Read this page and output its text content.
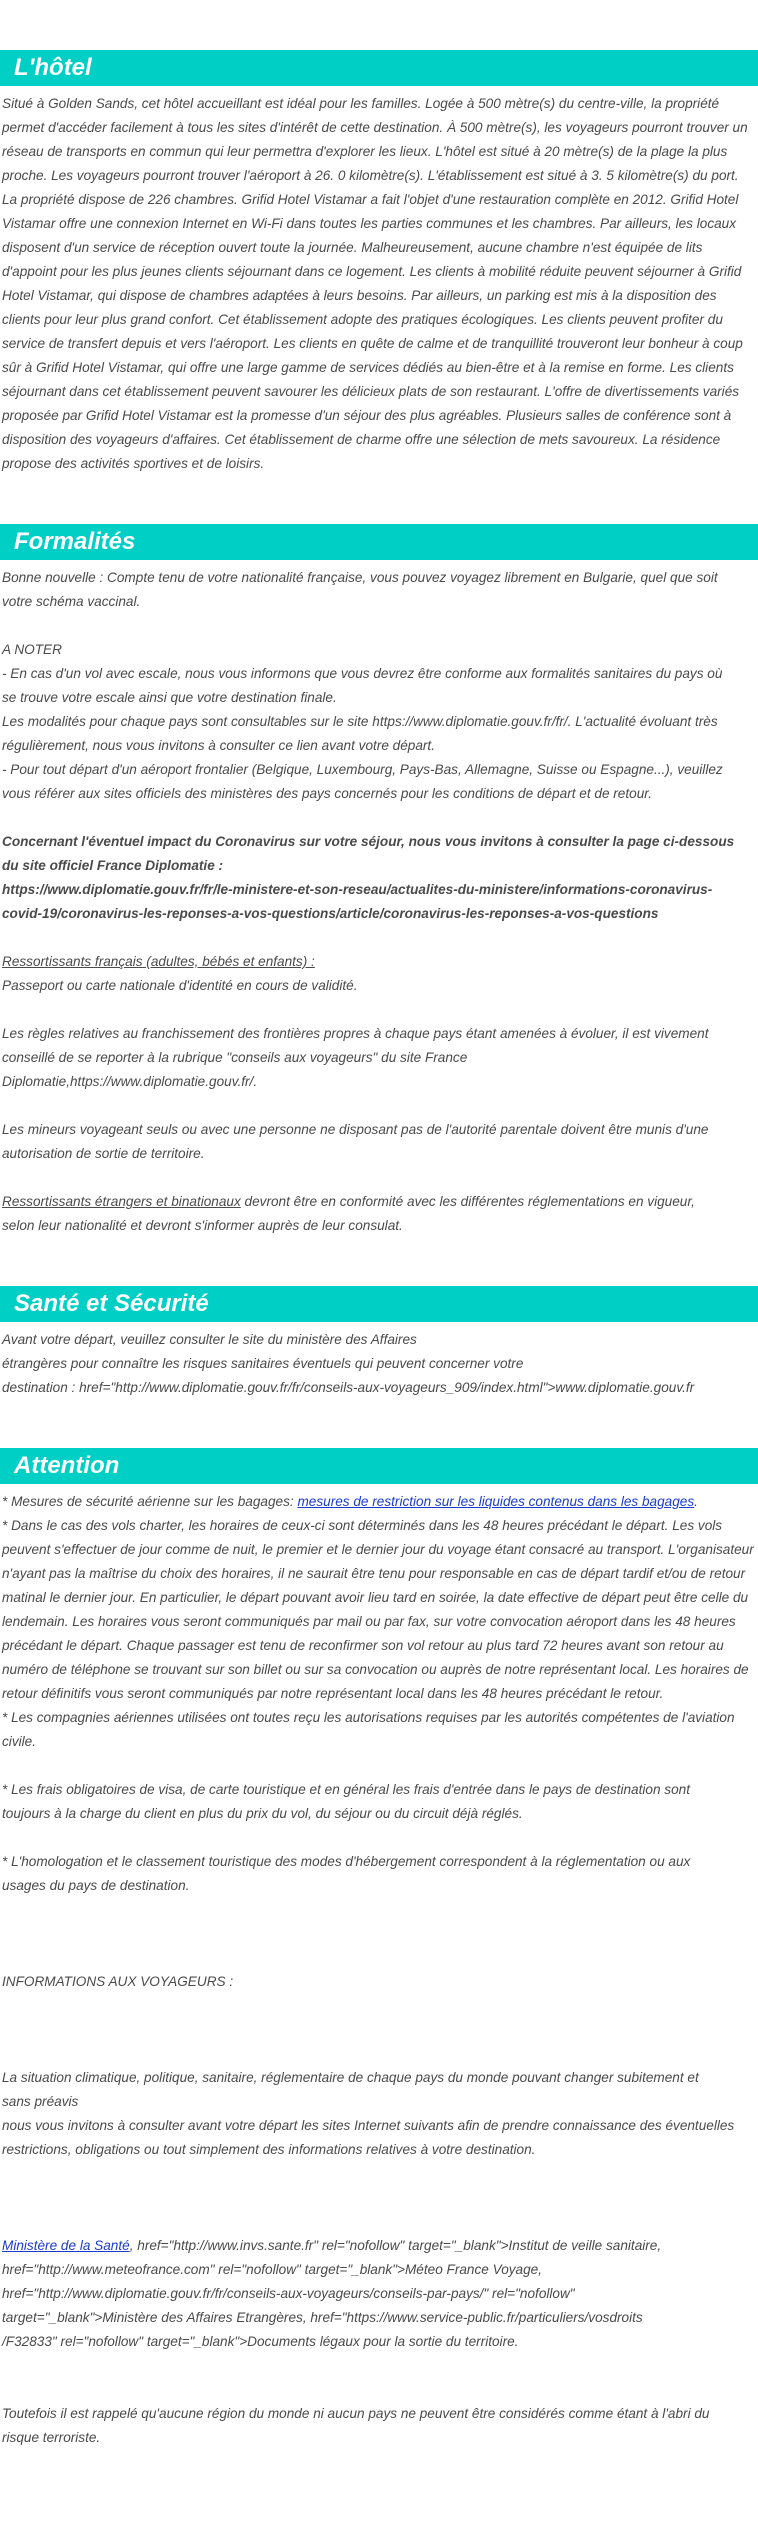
L'hôtel

Situé à Golden Sands, cet hôtel accueillant est idéal pour les familles. Logée à 500 mètre(s) du centre-ville, la propriété permet d'accéder facilement à tous les sites d'intérêt de cette destination. À 500 mètre(s), les voyageurs pourront trouver un réseau de transports en commun qui leur permettra d'explorer les lieux. L'hôtel est situé à 20 mètre(s) de la plage la plus proche. Les voyageurs pourront trouver l'aéroport à 26. 0 kilomètre(s). L'établissement est situé à 3. 5 kilomètre(s) du port. La propriété dispose de 226 chambres. Grifid Hotel Vistamar a fait l'objet d'une restauration complète en 2012. Grifid Hotel Vistamar offre une connexion Internet en Wi-Fi dans toutes les parties communes et les chambres. Par ailleurs, les locaux disposent d'un service de réception ouvert toute la journée. Malheureusement, aucune chambre n'est équipée de lits d'appoint pour les plus jeunes clients séjournant dans ce logement. Les clients à mobilité réduite peuvent séjourner à Grifid Hotel Vistamar, qui dispose de chambres adaptées à leurs besoins. Par ailleurs, un parking est mis à la disposition des clients pour leur plus grand confort. Cet établissement adopte des pratiques écologiques. Les clients peuvent profiter du service de transfert depuis et vers l'aéroport. Les clients en quête de calme et de tranquillité trouveront leur bonheur à coup sûr à Grifid Hotel Vistamar, qui offre une large gamme de services dédiés au bien-être et à la remise en forme. Les clients séjournant dans cet établissement peuvent savourer les délicieux plats de son restaurant. L'offre de divertissements variés proposée par Grifid Hotel Vistamar est la promesse d'un séjour des plus agréables. Plusieurs salles de conférence sont à disposition des voyageurs d'affaires. Cet établissement de charme offre une sélection de mets savoureux. La résidence propose des activités sportives et de loisirs.

Formalités

Bonne nouvelle : Compte tenu de votre nationalité française, vous pouvez voyagez librement en Bulgarie, quel que soit

votre schéma vaccinal.

A NOTER

- En cas d'un vol avec escale, nous vous informons que vous devrez être conforme aux formalités sanitaires du pays où

se trouve votre escale ainsi que votre destination finale.

Les modalités pour chaque pays sont consultables sur le site https://www.diplomatie.gouv.fr/fr/. L'actualité évoluant très

régulièrement, nous vous invitons à consulter ce lien avant votre départ.

- Pour tout départ d'un aéroport frontalier (Belgique, Luxembourg, Pays-Bas, Allemagne, Suisse ou Espagne...), veuillez

vous référer aux sites officiels des ministères des pays concernés pour les conditions de départ et de retour.

Concernant l'éventuel impact du Coronavirus sur votre séjour, nous vous invitons à consulter la page ci-dessous

du site officiel France Diplomatie :

https://www.diplomatie.gouv.fr/fr/le-ministere-et-son-reseau/actualites-du-ministere/informations-coronavirus-

covid-19/coronavirus-les-reponses-a-vos-questions/article/coronavirus-les-reponses-a-vos-questions

Ressortissants français (adultes, bébés et enfants) :

Passeport ou carte nationale d'identité en cours de validité.

Les règles relatives au franchissement des frontières propres à chaque pays étant amenées à évoluer, il est vivement

conseillé de se reporter à la rubrique "conseils aux voyageurs" du site France

Diplomatie,https://www.diplomatie.gouv.fr/.

Les mineurs voyageant seuls ou avec une personne ne disposant pas de l'autorité parentale doivent être munis d'une

autorisation de sortie de territoire.

Ressortissants étrangers et binationaux devront être en conformité avec les différentes réglementations en vigueur,

selon leur nationalité et devront s'informer auprès de leur consulat.

Santé et Sécurité

Avant votre départ, veuillez consulter le site du ministère des Affaires

étrangères pour connaître les risques sanitaires éventuels qui peuvent concerner votre

destination : href="http://www.diplomatie.gouv.fr/fr/conseils-aux-voyageurs_909/index.html">www.diplomatie.gouv.fr

Attention

* Mesures de sécurité aérienne sur les bagages: mesures de restriction sur les liquides contenus dans les bagages.

* Dans le cas des vols charter, les horaires de ceux-ci sont déterminés dans les 48 heures précédant le départ. Les vols peuvent s'effectuer de jour comme de nuit, le premier et le dernier jour du voyage étant consacré au transport. L'organisateur n'ayant pas la maîtrise du choix des horaires, il ne saurait être tenu pour responsable en cas de départ tardif et/ou de retour matinal le dernier jour. En particulier, le départ pouvant avoir lieu tard en soirée, la date effective de départ peut être celle du lendemain. Les horaires vous seront communiqués par mail ou par fax, sur votre convocation aéroport dans les 48 heures précédant le départ. Chaque passager est tenu de reconfirmer son vol retour au plus tard 72 heures avant son retour au numéro de téléphone se trouvant sur son billet ou sur sa convocation ou auprès de notre représentant local. Les horaires de retour définitifs vous seront communiqués par notre représentant local dans les 48 heures précédant le retour.

* Les compagnies aériennes utilisées ont toutes reçu les autorisations requises par les autorités compétentes de l'aviation

civile.

* Les frais obligatoires de visa, de carte touristique et en général les frais d'entrée dans le pays de destination sont

toujours à la charge du client en plus du prix du vol, du séjour ou du circuit déjà réglés.

* L'homologation et le classement touristique des modes d'hébergement correspondent à la réglementation ou aux

usages du pays de destination.

INFORMATIONS AUX VOYAGEURS :

La situation climatique, politique, sanitaire, réglementaire de chaque pays du monde pouvant changer subitement et

sans préavis

nous vous invitons à consulter avant votre départ les sites Internet suivants afin de prendre connaissance des éventuelles

restrictions, obligations ou tout simplement des informations relatives à votre destination.

Ministère de la Santé, href="http://www.invs.sante.fr" rel="nofollow" target="_blank">Institut de veille sanitaire,

href="http://www.meteofrance.com" rel="nofollow" target="_blank">Méteo France Voyage,

href="http://www.diplomatie.gouv.fr/fr/conseils-aux-voyageurs/conseils-par-pays/" rel="nofollow"

target="_blank">Ministère des Affaires Etrangères, href="https://www.service-public.fr/particuliers/vosdroits

/F32833" rel="nofollow" target="_blank">Documents légaux pour la sortie du territoire.

Toutefois il est rappelé qu'aucune région du monde ni aucun pays ne peuvent être considérés comme étant à l'abri du

risque terroriste.
